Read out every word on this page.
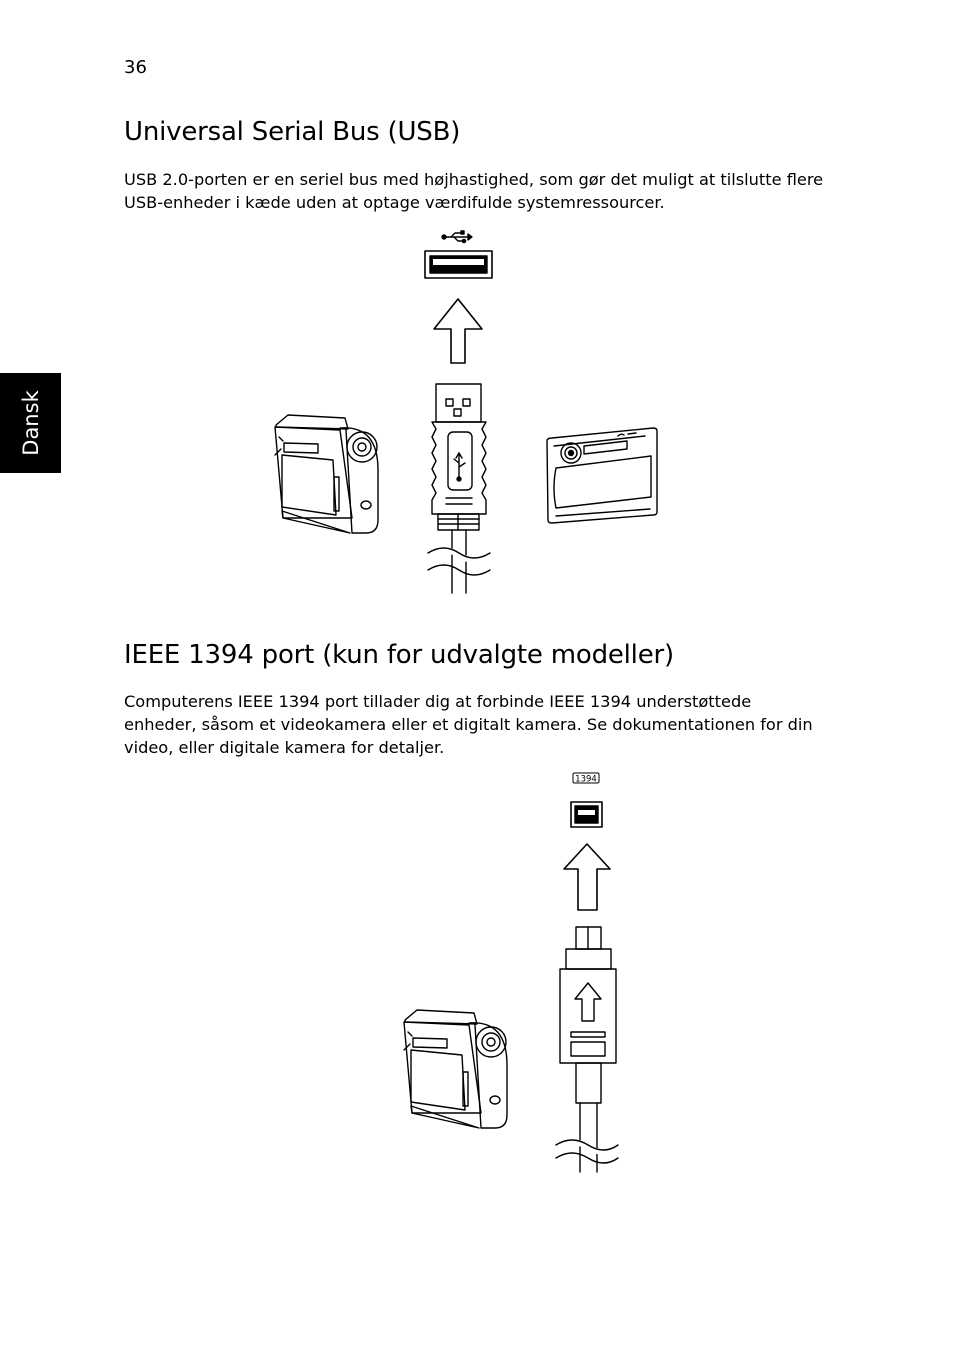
36
Dansk
Universal Serial Bus (USB)

USB 2.0-porten er en seriel bus med højhastighed, som gør det muligt at tilslutte flere USB-enheder i kæde uden at optage værdifulde systemressourcer.

IEEE 1394 port (kun for udvalgte modeller)

Computerens IEEE 1394 port tillader dig at forbinde IEEE 1394 understøttede enheder, såsom et videokamera eller et digitalt kamera. Se dokumentationen for din video, eller digitale kamera for detaljer.

1394
